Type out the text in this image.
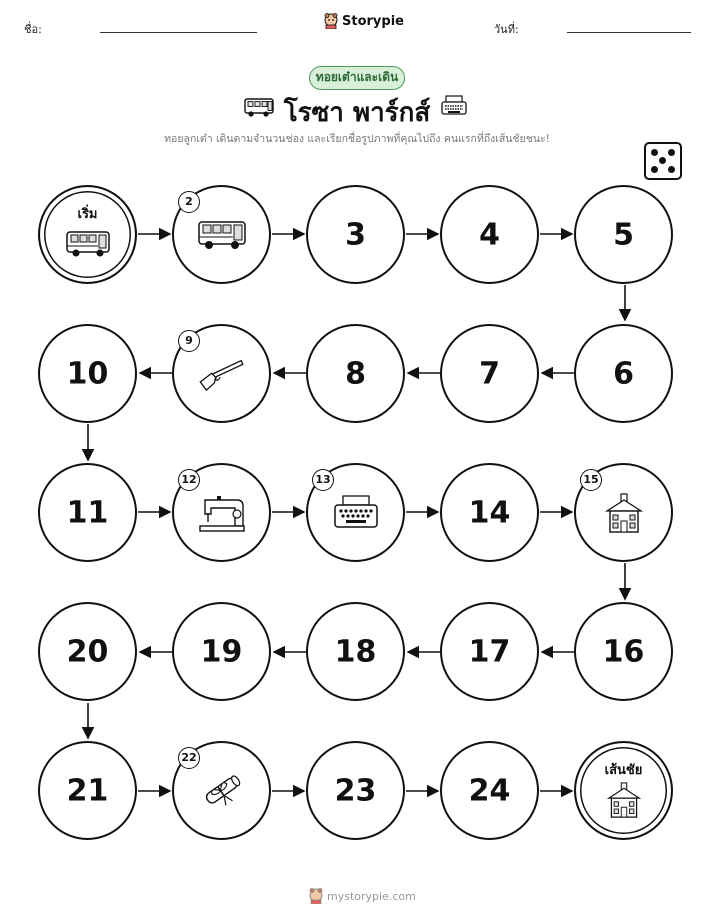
ชื่อ:
Storypie
วันที่:
ทอยเต๋าและเดิน
โรซา พาร์กส์
ทอยลูกเต๋า เดินตามจำนวนช่อง และเรียกชื่อรูปภาพที่คุณไปถึง คนแรกที่ถึงเส้นชัยชนะ!
เริ่ม
2
3	4	5
10
9
8	7	6
11
12	13
14
15
20	19	18	17	16
21
22
23	24
เส้นชัย
mystorypie.com
